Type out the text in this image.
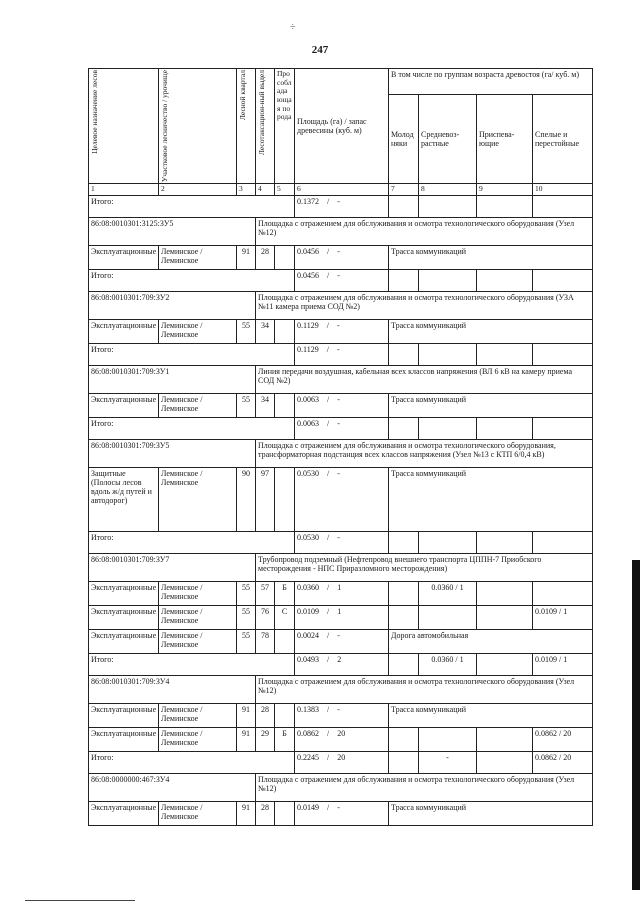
÷
247
Целевое назначение лесов	Участковое лесничество / урочище	Лесной квартал	Лесотаксацион-ный выдел	Прособладающая порода	Площадь (га) / запас древесины (куб. м)	В том числе по группам возраста древостоя (га/ куб. м)			
						Молодняки	Средневоз-растные	Приспева-ющие	Спелые и перестойные
1	2	3	4	5	6	7	8	9	10
Итого:					0.1372 / -				
86:08:0010301:3125:ЗУ5			Площадка с отражением для обслуживания и осмотра технологического оборудования (Узел №12)						
Эксплуатационные	Леминское / Леминское	91	28		0.0456 / -	Трасса коммуникаций			
Итого:					0.0456 / -				
86:08:0010301:709:ЗУ2			Площадка с отражением для обслуживания и осмотра технологического оборудования (УЗА №11 камера приема СОД №2)						
Эксплуатационные	Леминское / Леминское	55	34		0.1129 / -	Трасса коммуникаций			
Итого:					0.1129 / -				
86:08:0010301:709:ЗУ1			Линия передачи воздушная, кабельная всех классов напряжения (ВЛ 6 кВ на камеру приема СОД №2)						
Эксплуатационные	Леминское / Леминское	55	34		0.0063 / -	Трасса коммуникаций			
Итого:					0.0063 / -				
86:08:0010301:709:ЗУ5			Площадка с отражением для обслуживания и осмотра технологического оборудования, трансформаторная подстанция всех классов напряжения (Узел №13 с КТП 6/0,4 кВ)						
Защитные (Полосы лесов вдоль ж/д путей и автодорог)	Леминское / Леминское	90	97		0.0530 / -	Трасса коммуникаций			
Итого:					0.0530 / -				
86:08:0010301:709:ЗУ7			Трубопровод подземный (Нефтепровод внешнего транспорта ЦППН-7 Приобского месторождения - НПС Приразломного месторождения)						
Эксплуатационные	Леминское / Леминское	55	57	Б	0.0360 / 1		0.0360 / 1		
Эксплуатационные	Леминское / Леминское	55	76	С	0.0109 / 1				0.0109 / 1
Эксплуатационные	Леминское / Леминское	55	78		0.0024 / -	Дорога автомобильная			
Итого:					0.0493 / 2		0.0360 / 1		0.0109 / 1
86:08:0010301:709:ЗУ4			Площадка с отражением для обслуживания и осмотра технологического оборудования (Узел №12)						
Эксплуатационные	Леминское / Леминское	91	28		0.1383 / -	Трасса коммуникаций			
Эксплуатационные	Леминское / Леминское	91	29	Б	0.0862 / 20				0.0862 / 20
Итого:					0.2245 / 20		-		0.0862 / 20
86:08:0000000:467:ЗУ4			Площадка с отражением для обслуживания и осмотра технологического оборудования (Узел №12)						
Эксплуатационные	Леминское / Леминское	91	28		0.0149 / -	Трасса коммуникаций			
